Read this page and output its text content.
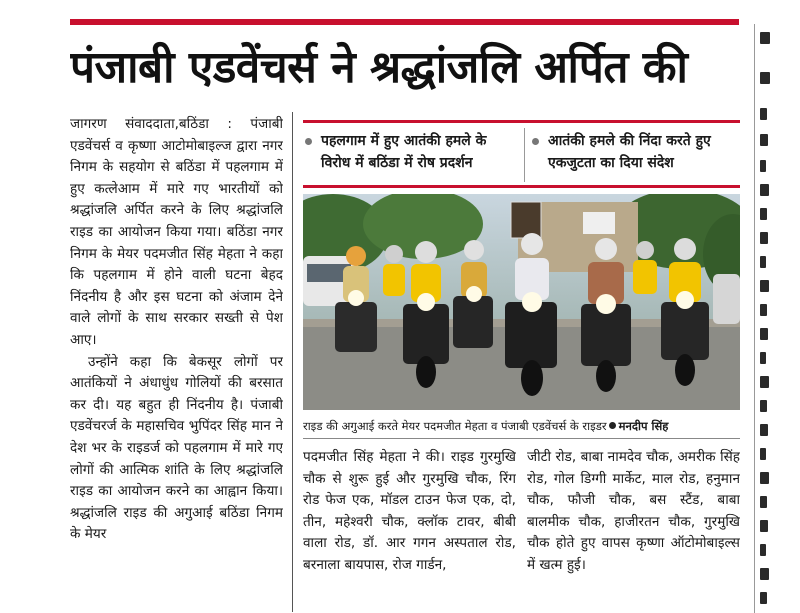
पंजाबी एडवेंचर्स ने श्रद्धांजलि अर्पित की

जागरण संवाददाता,बठिंडा : पंजाबी एडवेंचर्स व कृष्णा आटोमोबाइल्ज द्वारा नगर निगम के सहयोग से बठिंडा में पहलगाम में हुए कत्लेआम में मारे गए भारतीयों को श्रद्धांजलि अर्पित करने के लिए श्रद्धांजलि राइड का आयोजन किया गया। बठिंडा नगर निगम के मेयर पदमजीत सिंह मेहता ने कहा कि पहलगाम में होने वाली घटना बेहद निंदनीय है और इस घटना को अंजाम देने वाले लोगों के साथ सरकार सख्ती से पेश आए।

उन्होंने कहा कि बेकसूर लोगों पर आतंकियों ने अंधाधुंध गोलियों की बरसात कर दी। यह बहुत ही निंदनीय है। पंजाबी एडवेंचरर्ज के महासचिव भुपिंदर सिंह मान ने देश भर के राइडर्ज को पहलगाम में मारे गए लोगों की आत्मिक शांति के लिए श्रद्धांजलि राइड का आयोजन करने का आह्वान किया। श्रद्धांजलि राइड की अगुआई बठिंडा निगम के मेयर

पहलगाम में हुए आतंकी हमले के विरोध में बठिंडा में रोष प्रदर्शन
आतंकी हमले की निंदा करते हुए एकजुटता का दिया संदेश
राइड की अगुआई करते मेयर पदमजीत मेहता व पंजाबी एडवेंचर्स के राइडर मनदीप सिंह

पदमजीत सिंह मेहता ने की। राइड गुरमुखि चौक से शुरू हुई और गुरमुखि चौक, रिंग रोड फेज एक, मॉडल टाउन फेज एक, दो, तीन, महेश्वरी चौक, क्लॉक टावर, बीबी वाला रोड, डॉ. आर गगन अस्पताल रोड, बरनाला बायपास, रोज गार्डन,

जीटी रोड, बाबा नामदेव चौक, अमरीक सिंह रोड, गोल डिग्गी मार्केट, माल रोड, हनुमान चौक, फौजी चौक, बस स्टैंड, बाबा बालमीक चौक, हाजीरतन चौक, गुरमुखि चौक होते हुए वापस कृष्णा ऑटोमोबाइल्स में खत्म हुई।
